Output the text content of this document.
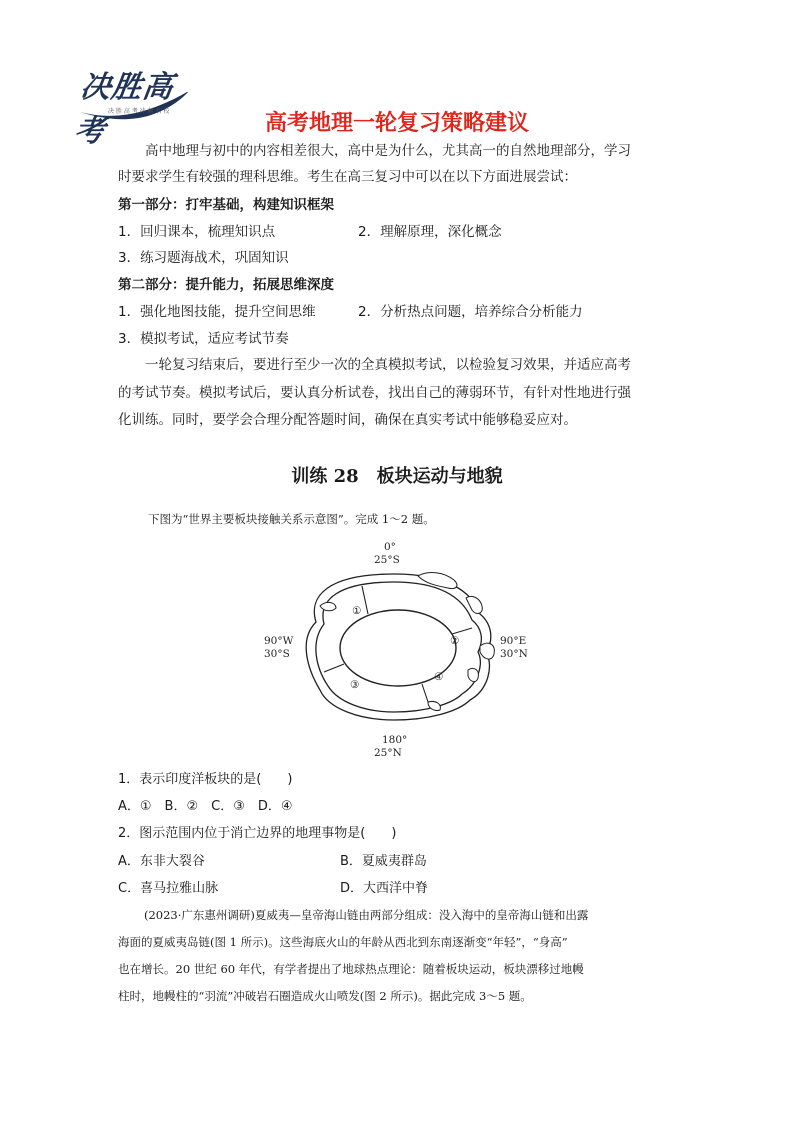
决胜高考
决 胜 高 考 冲 刺 名 校	高考地理一轮复习策略建议
高中地理与初中的内容相差很大，高中是为什么，尤其高一的自然地理部分，学习
时要求学生有较强的理科思维。考生在高三复习中可以在以下方面进展尝试：
第一部分：打牢基础，构建知识框架
1．回归课本，梳理知识点	2．理解原理，深化概念
3．练习题海战术，巩固知识
第二部分：提升能力，拓展思维深度
1．强化地图技能，提升空间思维	2．分析热点问题，培养综合分析能力
3．模拟考试，适应考试节奏
一轮复习结束后，要进行至少一次的全真模拟考试，以检验复习效果，并适应高考
的考试节奏。模拟考试后，要认真分析试卷，找出自己的薄弱环节，有针对性地进行强
化训练。同时，要学会合理分配答题时间，确保在真实考试中能够稳妥应对。
训练 28　板块运动与地貌
下图为“世界主要板块接触关系示意图”。完成 1～2 题。
0°
25°S
90°W
30°S
90°E
30°N
180°
25°N
①
②
③
④
1．表示印度洋板块的是(　　)
A．①　B．②　C．③　D．④
2．图示范围内位于消亡边界的地理事物是(　　)
A．东非大裂谷	B．夏威夷群岛
C．喜马拉雅山脉	D．大西洋中脊
(2023·广东惠州调研)夏威夷—皇帝海山链由两部分组成：没入海中的皇帝海山链和出露
海面的夏威夷岛链(图 1 所示)。这些海底火山的年龄从西北到东南逐渐变“年轻”，“身高”
也在增长。20 世纪 60 年代，有学者提出了地球热点理论：随着板块运动，板块漂移过地幔
柱时，地幔柱的“羽流”冲破岩石圈造成火山喷发(图 2 所示)。据此完成 3～5 题。
